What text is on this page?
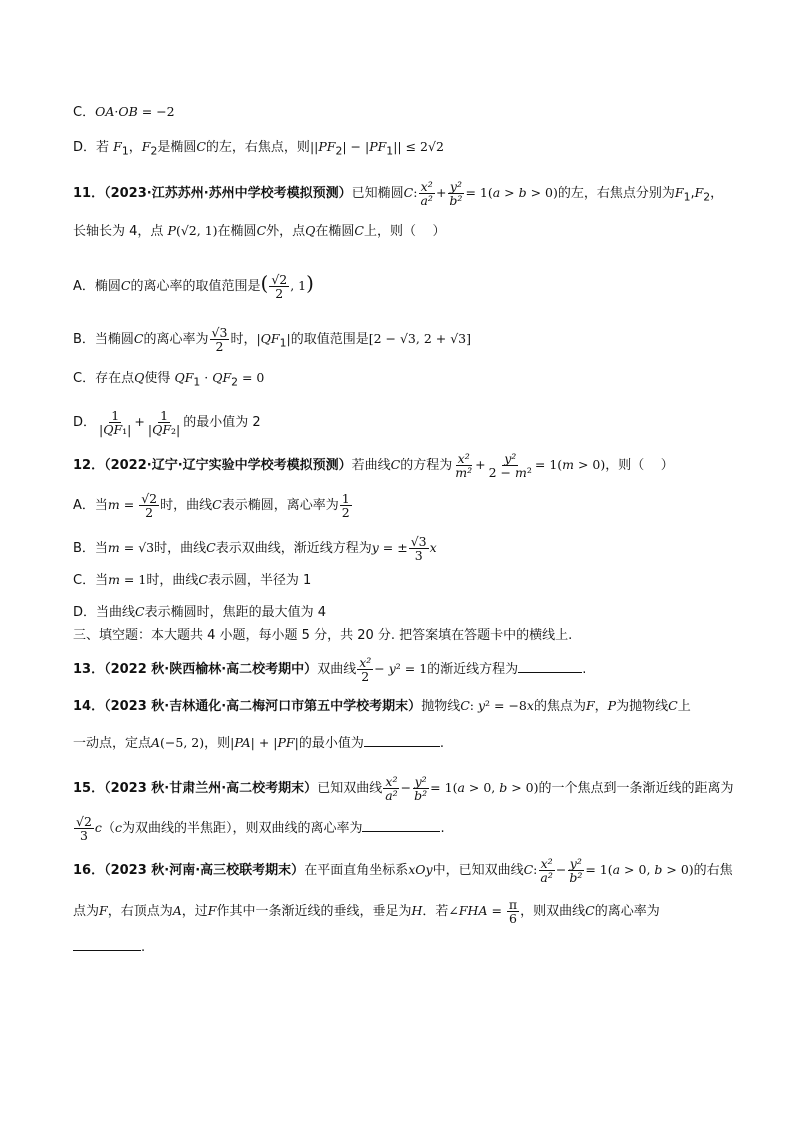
C．OA·OB = −2
D．若 $F_1$，$F_2$是椭圆C的左，右焦点，则$||PF_2| - |PF_1|| \le 2√2$
11．（2023·江苏苏州·苏州中学校考模拟预测）已知椭圆C: $\frac{\text{x²}}{\text{a²}} + \frac{\text{y²}}{\text{b²}} = 1(a > b > 0)$的左，右焦点分别为$F_1,F_2$，
长轴长为 4，点 P(√2, 1)在椭圆C外，点Q在椭圆C上，则（    ）
A．椭圆C的离心率的取值范围是( $\frac{√2}{2}$ , 1)
B．当椭圆C的离心率为 $\frac{√3}{2}$ 时，$|QF_1|$的取值范围是[2 − √3, 2 + √3]
C．存在点Q使得 $QF_1 \cdot QF_2 = 0$
D． $\frac{1}{\text{|QF₁|}} + \frac{1}{\text{|QF₂|}}$ 的最小值为 2
12．（2022·辽宁·辽宁实验中学校考模拟预测）若曲线C的方程为 $\frac{\text{x²}}{\text{m²}} + \frac{\text{y²}}{\text{2 − m²}} = 1(m > 0)$，则（    ）
A．当$m = \frac{√2}{2}$ 时，曲线C表示椭圆，离心率为 $\frac{1}{2}$
B．当m = √3时，曲线C表示双曲线，渐近线方程为y = ± $\frac{√3}{3}$ x
C．当m = 1时，曲线C表示圆，半径为 1
D．当曲线C表示椭圆时，焦距的最大值为 4
三、填空题：本大题共 4 小题，每小题 5 分，共 20 分. 把答案填在答题卡中的横线上.
13．（2022 秋·陕西榆林·高二校考期中）双曲线 $\frac{\text{x²}}{2} - y^2 = 1$的渐近线方程为	.
14．（2023 秋·吉林通化·高二梅河口市第五中学校考期末）抛物线C: y² = −8x的焦点为F，P为抛物线C上
一动点，定点A(−5, 2)，则|PA| + |PF|的最小值为	.
15．（2023 秋·甘肃兰州·高二校考期末）已知双曲线 $\frac{\text{x²}}{\text{a²}} - \frac{\text{y²}}{\text{b²}} = 1(a > 0$, b > 0)的一个焦点到一条渐近线的距离为
$\frac{√2}{3} c(c$为双曲线的半焦距），则双曲线的离心率为	.
16．（2023 秋·河南·高三校联考期末）在平面直角坐标系xOy中，已知双曲线C: $\frac{\text{x²}}{\text{a²}} - \frac{\text{y²}}{\text{b²}} = 1(a > 0$, b > 0)的右焦
点为F，右顶点为A，过F作其中一条渐近线的垂线，垂足为H．若∠FHA = $\frac{\pi}{6}$ ，则双曲线C的离心率为
.
